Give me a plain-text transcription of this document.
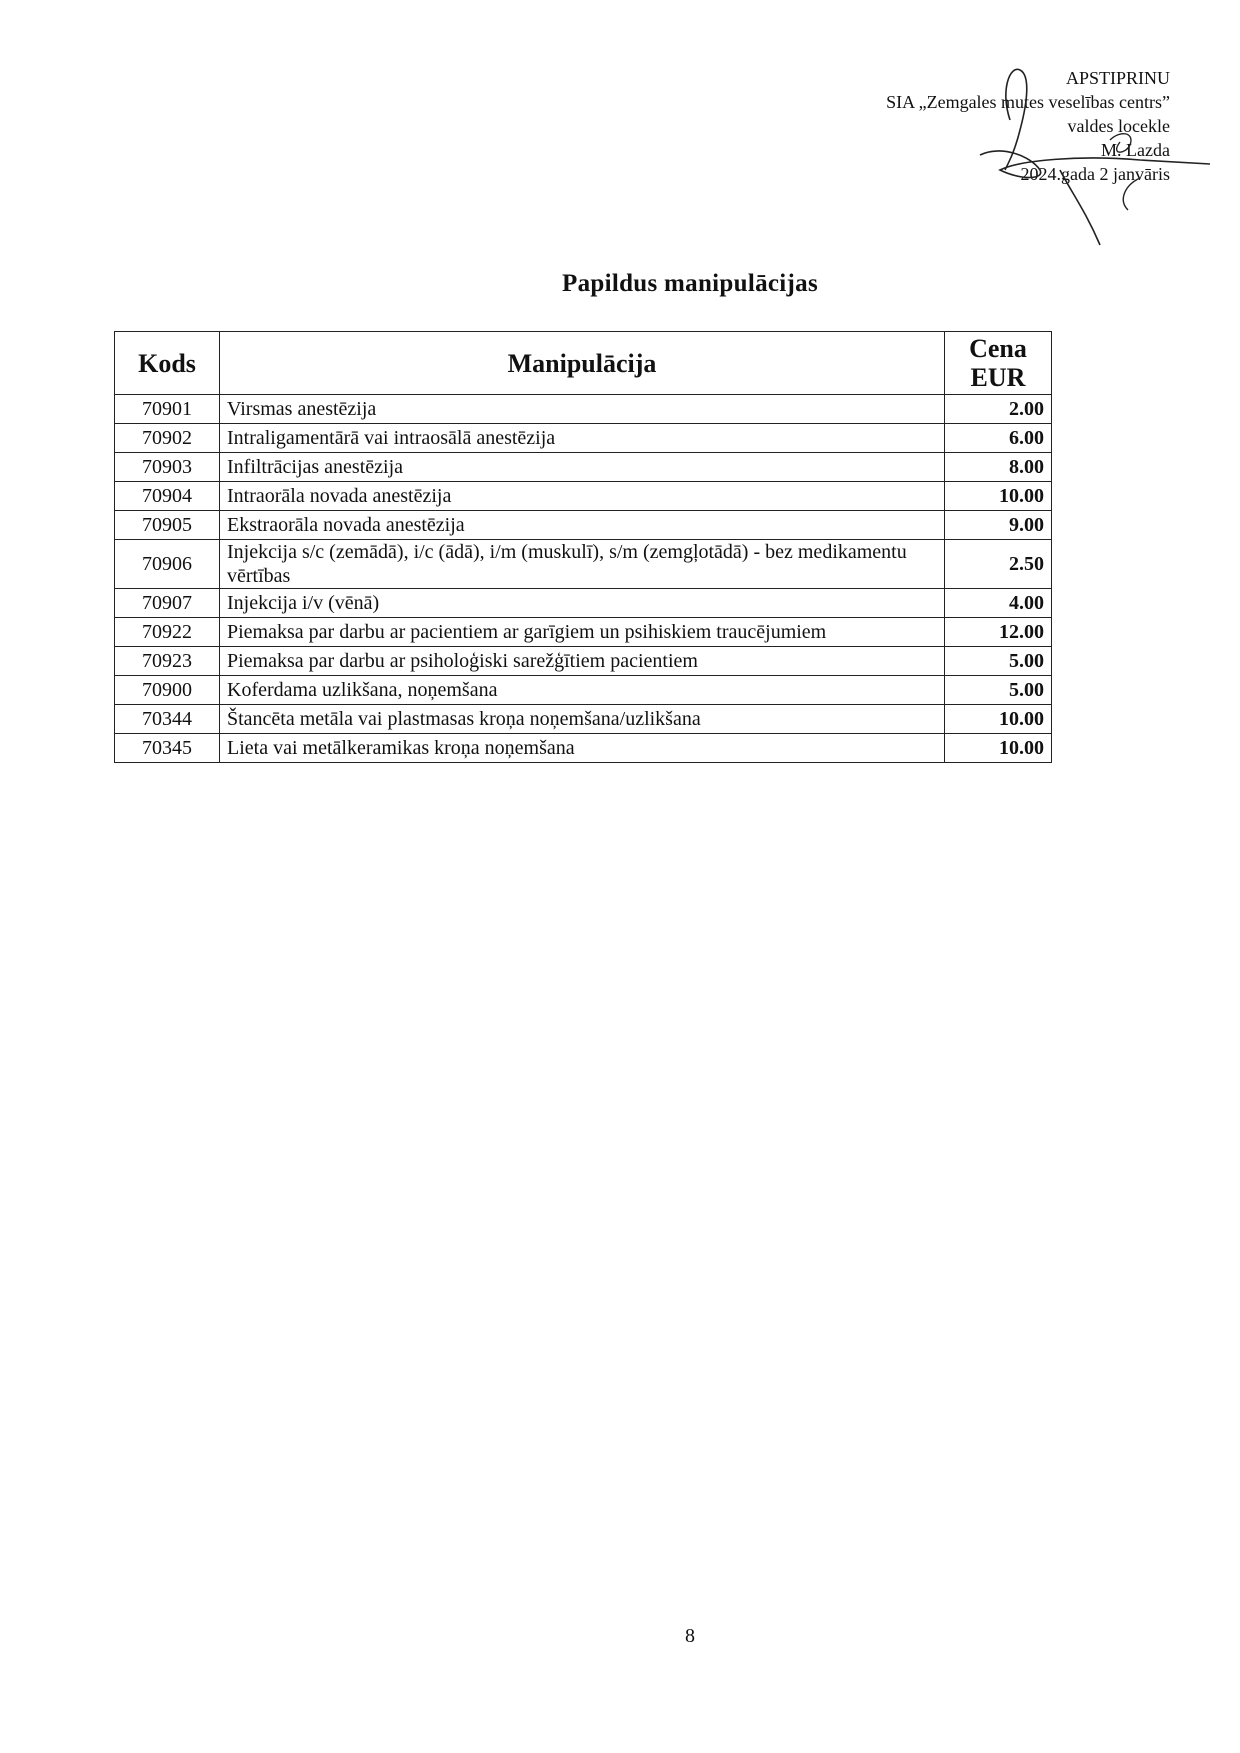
APSTIPRINU
SIA „Zemgales mutes veselības centrs”
valdes locekle
M. Lazda
2024.gada 2 janvāris
Papildus manipulācijas
Kods	Manipulācija	Cena
EUR

70901	Virsmas anestēzija	2.00
70902	Intraligamentārā vai intraosālā anestēzija	6.00
70903	Infiltrācijas anestēzija	8.00
70904	Intraorāla novada anestēzija	10.00
70905	Ekstraorāla novada anestēzija	9.00
70906	Injekcija s/c (zemādā), i/c (ādā), i/m (muskulī), s/m (zemgļotādā) - bez medikamentu vērtības	2.50
70907	Injekcija i/v (vēnā)	4.00
70922	Piemaksa par darbu ar pacientiem ar garīgiem un psihiskiem traucējumiem	12.00
70923	Piemaksa par darbu ar psiholoģiski sarežģītiem pacientiem	5.00
70900	Koferdama uzlikšana, noņemšana	5.00
70344	Štancēta metāla vai plastmasas kroņa noņemšana/uzlikšana	10.00
70345	Lieta vai metālkeramikas kroņa noņemšana	10.00
8
